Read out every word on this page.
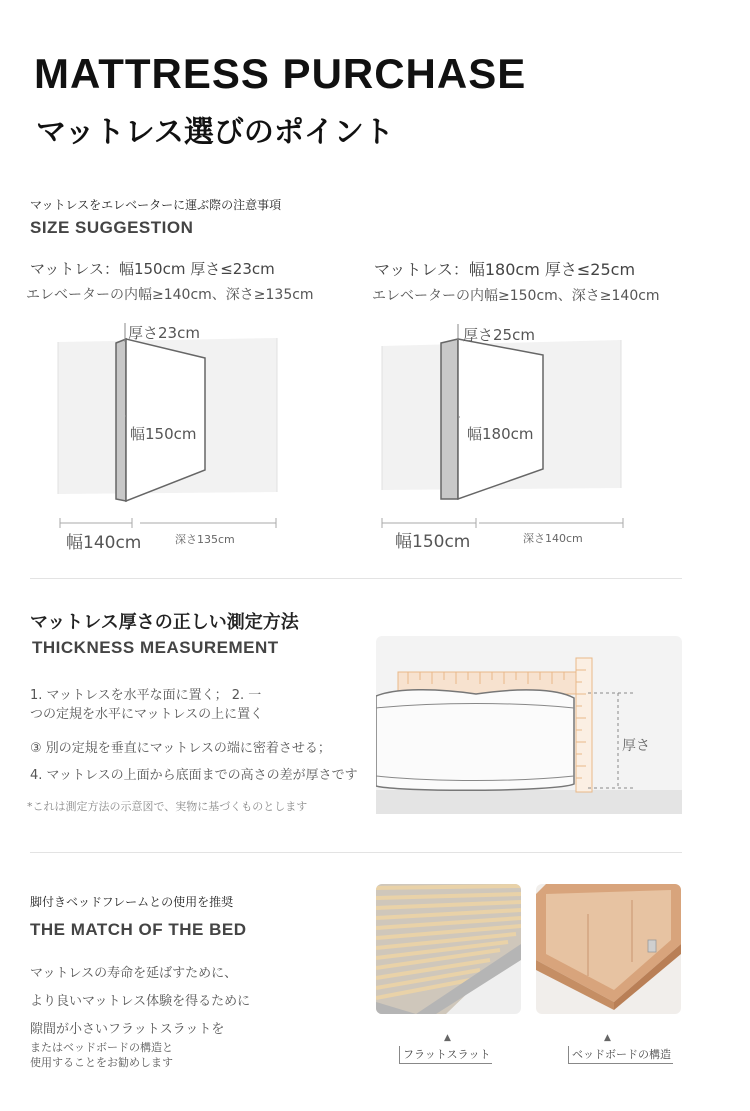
MATTRESS PURCHASE
マットレス選びのポイント
マットレスをエレベーターに運ぶ際の注意事項
SIZE SUGGESTION
マットレス：幅150cm 厚さ≤23cm
エレベーターの内幅≥140cm、深さ≥135cm
マットレス：幅180cm 厚さ≤25cm
エレベーターの内幅≥150cm、深さ≥140cm
厚さ23cm
幅150cm
幅140cm	深さ135cm
厚さ25cm
幅180cm
幅150cm	深さ140cm
マットレス厚さの正しい測定方法
THICKNESS MEASUREMENT
1. マットレスを水平な面に置く； 2. 一
つの定規を水平にマットレスの上に置く
③ 別の定規を垂直にマットレスの端に密着させる；
4. マットレスの上面から底面までの高さの差が厚さです
*これは測定方法の示意図で、実物に基づくものとします
厚さ
脚付きベッドフレームとの使用を推奨
THE MATCH OF THE BED
マットレスの寿命を延ばすために、
より良いマットレス体験を得るために
隙間が小さいフラットスラットを
またはベッドボードの構造と
使用することをお勧めします
▲
フラットスラット
▲
ベッドボードの構造
